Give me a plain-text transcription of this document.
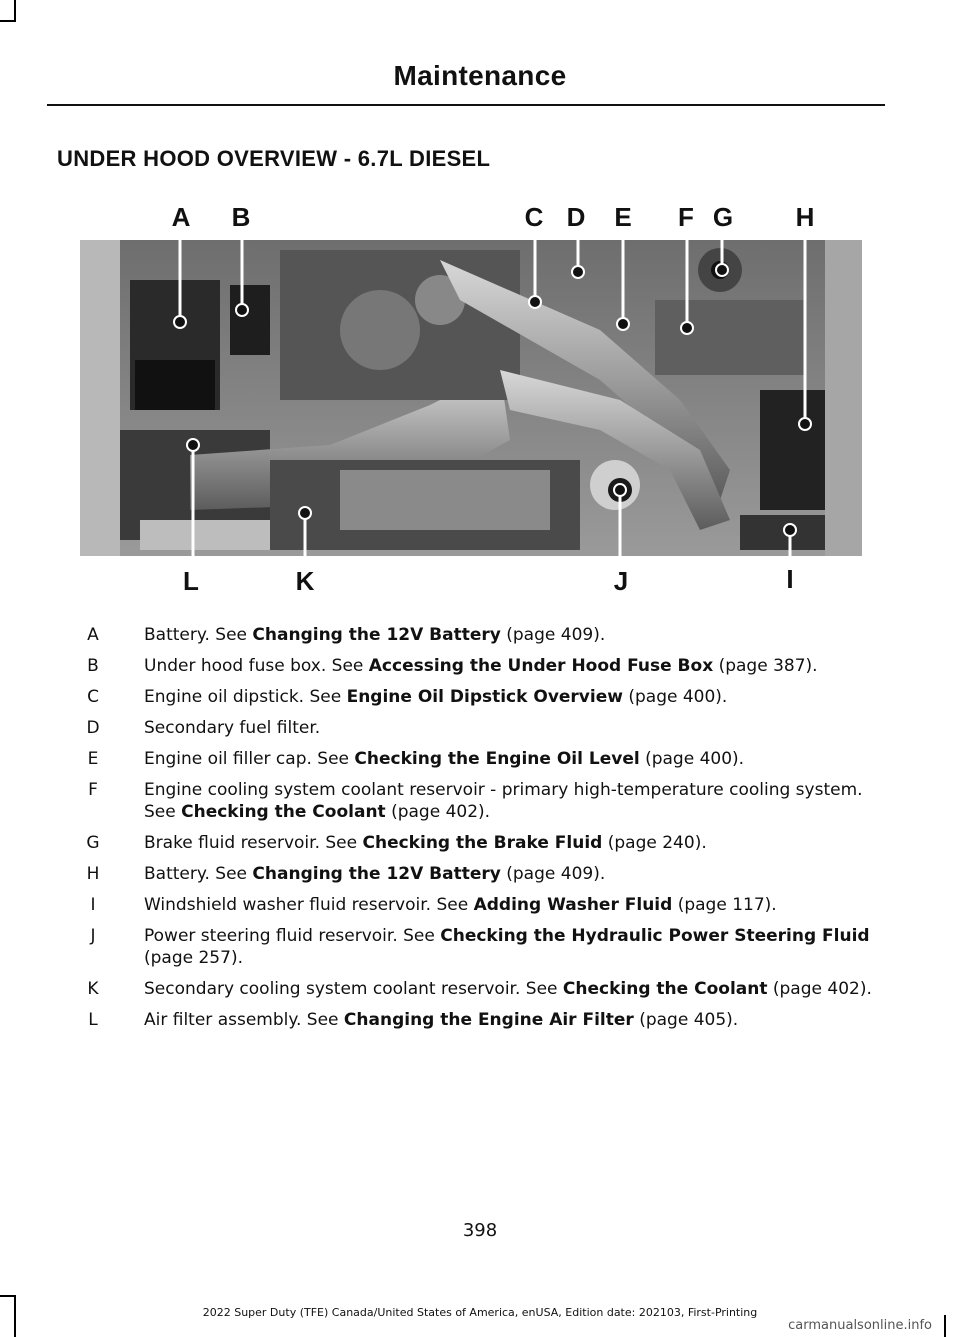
Maintenance
UNDER HOOD OVERVIEW - 6.7L DIESEL
A	B	C D	E	F G	H
I
J
K
L
A	Battery. See Changing the 12V Battery (page 409).
B	Under hood fuse box. See Accessing the Under Hood Fuse Box (page 387).
C	Engine oil dipstick. See Engine Oil Dipstick Overview (page 400).
D	Secondary fuel filter.
E	Engine oil filler cap. See Checking the Engine Oil Level (page 400).
F	Engine cooling system coolant reservoir - primary high-temperature cooling system. See Checking the Coolant (page 402).
G	Brake fluid reservoir. See Checking the Brake Fluid (page 240).
H	Battery. See Changing the 12V Battery (page 409).
I	Windshield washer fluid reservoir. See Adding Washer Fluid (page 117).
J	Power steering fluid reservoir. See Checking the Hydraulic Power Steering Fluid (page 257).
K	Secondary cooling system coolant reservoir. See Checking the Coolant (page 402).
L	Air filter assembly. See Changing the Engine Air Filter (page 405).
398
2022 Super Duty (TFE) Canada/United States of America, enUSA, Edition date: 202103, First-Printing
carmanualsonline.info
